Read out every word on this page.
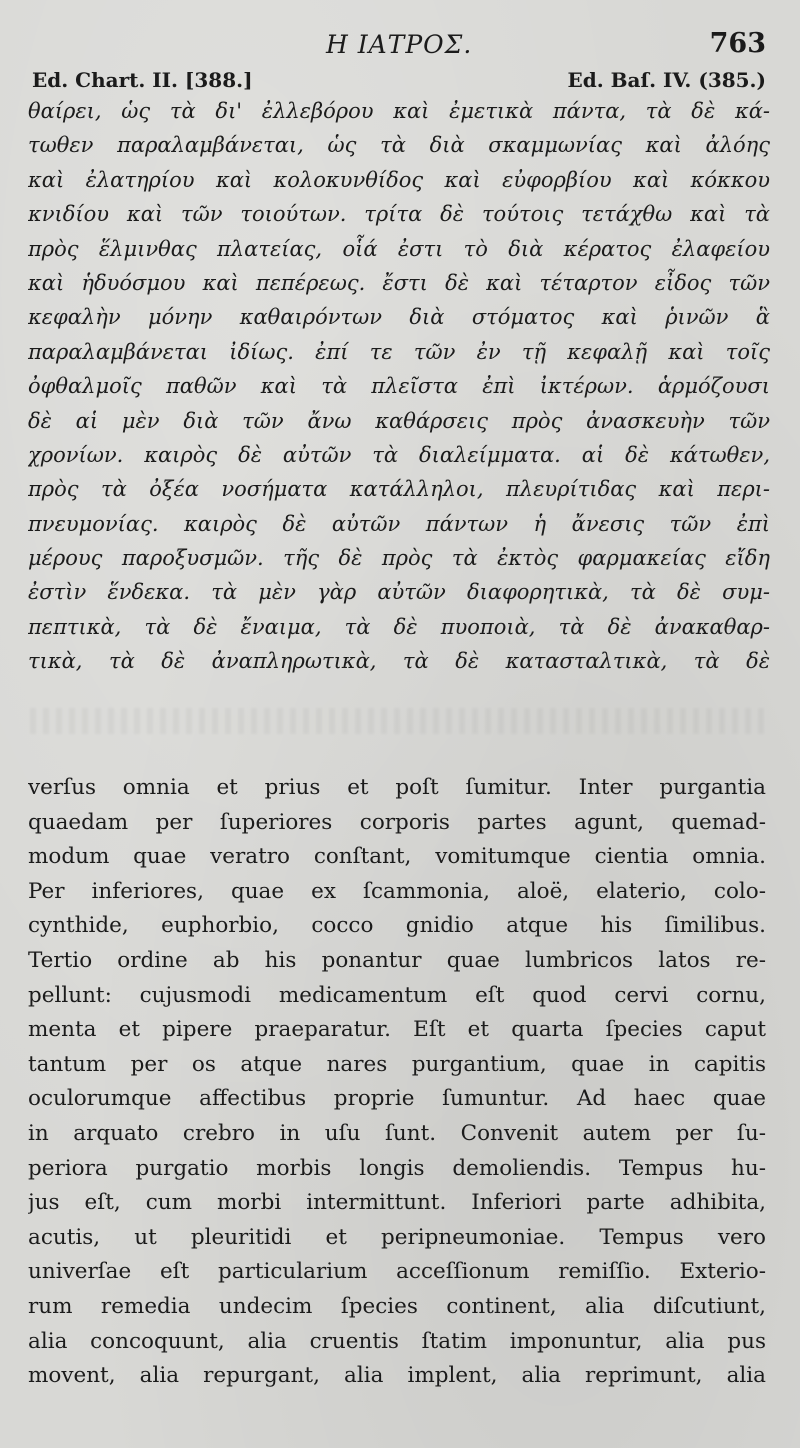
Η ΙΑΤΡΟΣ.	763
Ed. Chart. II. [388.]	Ed. Baſ. IV. (385.)
θαίρει, ὡς τὰ δι' ἐλλεβόρου καὶ ἐμετικὰ πάντα, τὰ δὲ κά-
τωθεν παραλαμβάνεται, ὡς τὰ διὰ σκαμμωνίας καὶ ἀλόης
καὶ ἐλατηρίου καὶ κολοκυνθίδος καὶ εὐφορβίου καὶ κόκκου
κνιδίου καὶ τῶν τοιούτων. τρίτα δὲ τούτοις τετάχθω καὶ τὰ
πρὸς ἕλμινθας πλατείας, οἷά ἐστι τὸ διὰ κέρατος ἐλαφείου
καὶ ἡδυόσμου καὶ πεπέρεως. ἔστι δὲ καὶ τέταρτον εἶδος τῶν
κεφαλὴν μόνην καθαιρόντων διὰ στόματος καὶ ῥινῶν ἃ
παραλαμβάνεται ἰδίως. ἐπί τε τῶν ἐν τῇ κεφαλῇ καὶ τοῖς
ὀφθαλμοῖς παθῶν καὶ τὰ πλεῖστα ἐπὶ ἰκτέρων. ἁρμόζουσι
δὲ αἱ μὲν διὰ τῶν ἄνω καθάρσεις πρὸς ἀνασκευὴν τῶν
χρονίων. καιρὸς δὲ αὐτῶν τὰ διαλείμματα. αἱ δὲ κάτωθεν,
πρὸς τὰ ὀξέα νοσήματα κατάλληλοι, πλευρίτιδας καὶ περι-
πνευμονίας. καιρὸς δὲ αὐτῶν πάντων ἡ ἄνεσις τῶν ἐπὶ
μέρους παροξυσμῶν. τῆς δὲ πρὸς τὰ ἐκτὸς φαρμακείας εἴδη
ἐστὶν ἕνδεκα. τὰ μὲν γὰρ αὐτῶν διαφορητικὰ, τὰ δὲ συμ-
πεπτικὰ, τὰ δὲ ἔναιμα, τὰ δὲ πυοποιὰ, τὰ δὲ ἀνακαθαρ-
τικὰ, τὰ δὲ ἀναπληρωτικὰ, τὰ δὲ κατασταλτικὰ, τὰ δὲ
verſus omnia et prius et poſt ſumitur. Inter purgantia
quaedam per ſuperiores corporis partes agunt, quemad-
modum quae veratro conſtant, vomitumque cientia omnia.
Per inferiores, quae ex ſcammonia, aloë, elaterio, colo-
cynthide, euphorbio, cocco gnidio atque his ſimilibus.
Tertio ordine ab his ponantur quae lumbricos latos re-
pellunt: cujusmodi medicamentum eſt quod cervi cornu,
menta et pipere praeparatur. Eſt et quarta ſpecies caput
tantum per os atque nares purgantium, quae in capitis
oculorumque affectibus proprie ſumuntur. Ad haec quae
in arquato crebro in uſu ſunt. Convenit autem per ſu-
periora purgatio morbis longis demoliendis. Tempus hu-
jus eſt, cum morbi intermittunt. Inferiori parte adhibita,
acutis, ut pleuritidi et peripneumoniae. Tempus vero
univerſae eſt particularium acceſſionum remiſſio. Exterio-
rum remedia undecim ſpecies continent, alia diſcutiunt,
alia concoquunt, alia cruentis ſtatim imponuntur, alia pus
movent, alia repurgant, alia implent, alia reprimunt, alia
